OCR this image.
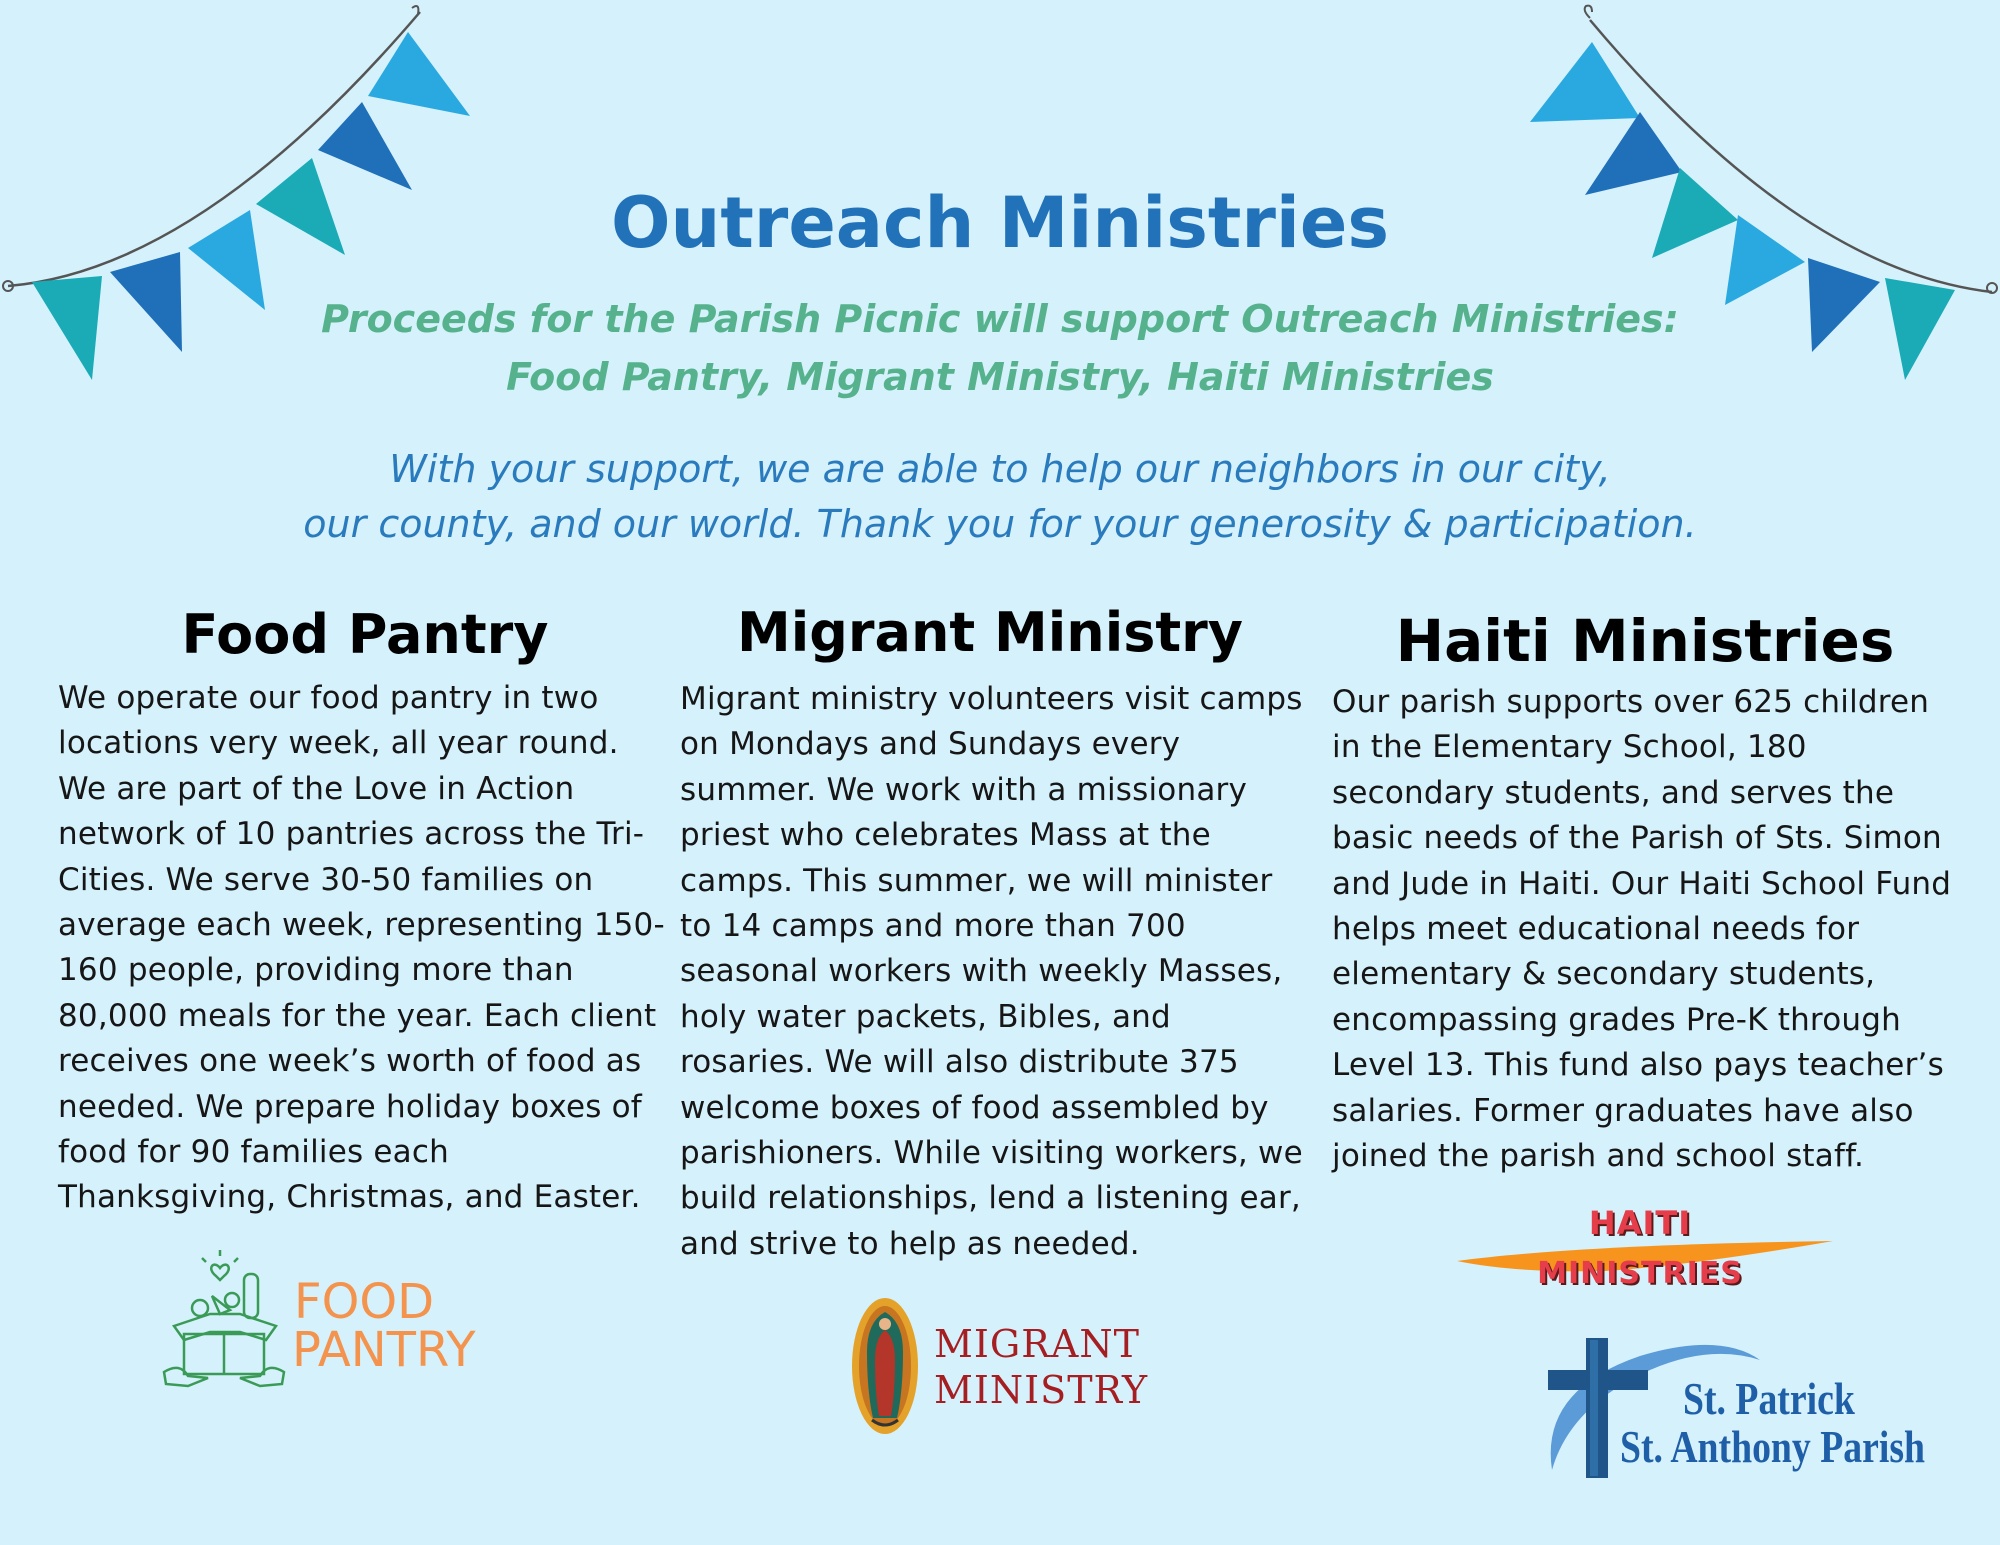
Outreach Ministries
Proceeds for the Parish Picnic will support Outreach Ministries: Food Pantry, Migrant Ministry, Haiti Ministries
With your support, we are able to help our neighbors in our city,
our county, and our world. Thank you for your generosity & participation.
Food Pantry
We operate our food pantry in two locations very week, all year round. We are part of the Love in Action network of 10 pantries across the Tri-Cities. We serve 30-50 families on average each week, representing 150-160 people, providing more than 80,000 meals for the year. Each client receives one week’s worth of food as needed. We prepare holiday boxes of food for 90 families each Thanksgiving, Christmas, and Easter.
Migrant Ministry
Migrant ministry volunteers visit camps on Mondays and Sundays every summer. We work with a missionary priest who celebrates Mass at the camps. This summer, we will minister to 14 camps and more than 700 seasonal workers with weekly Masses, holy water packets, Bibles, and rosaries. We will also distribute 375 welcome boxes of food assembled by parishioners. While visiting workers, we build relationships, lend a listening ear, and strive to help as needed.
Haiti Ministries
Our parish supports over 625 children in the Elementary School, 180 secondary students, and serves the basic needs of the Parish of Sts. Simon and Jude in Haiti. Our Haiti School Fund helps meet educational needs for elementary & secondary students, encompassing grades Pre-K through Level 13. This fund also pays teacher’s salaries. Former graduates have also joined the parish and school staff.
FOOD
PANTRY	MIGRANT
MINISTRY
HAITI
MINISTRIES
St. Patrick
St. Anthony Parish
